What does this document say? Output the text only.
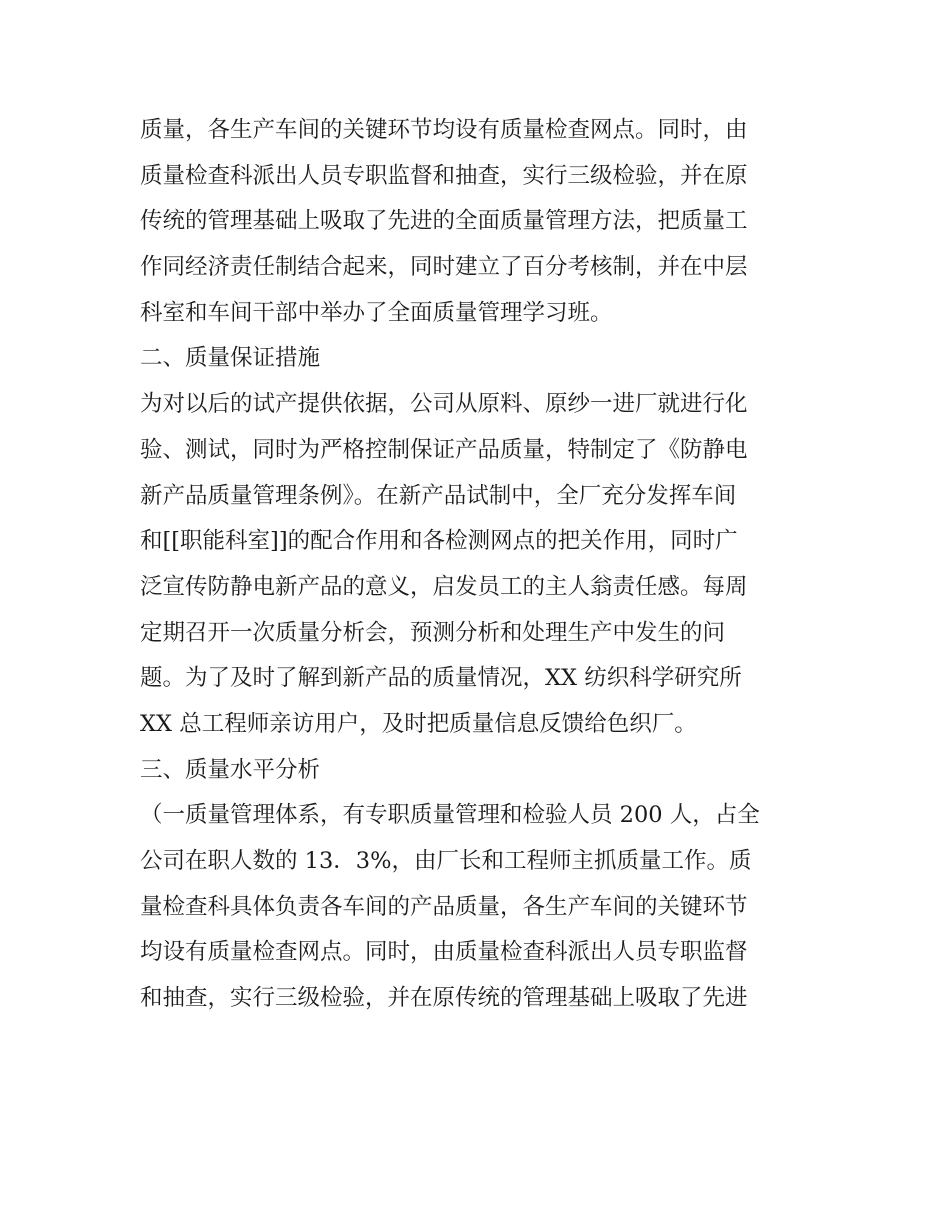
质量，各生产车间的关键环节均设有质量检查网点。同时，由
质量检查科派出人员专职监督和抽查，实行三级检验，并在原
传统的管理基础上吸取了先进的全面质量管理方法，把质量工
作同经济责任制结合起来，同时建立了百分考核制，并在中层
科室和车间干部中举办了全面质量管理学习班。
二、质量保证措施
为对以后的试产提供依据，公司从原料、原纱一进厂就进行化
验、测试，同时为严格控制保证产品质量，特制定了《防静电
新产品质量管理条例》。在新产品试制中，全厂充分发挥车间
和[[职能科室]]的配合作用和各检测网点的把关作用，同时广
泛宣传防静电新产品的意义，启发员工的主人翁责任感。每周
定期召开一次质量分析会，预测分析和处理生产中发生的问
题。为了及时了解到新产品的质量情况，XX 纺织科学研究所
XX 总工程师亲访用户，及时把质量信息反馈给色织厂。
三、质量水平分析
（一质量管理体系，有专职质量管理和检验人员 200 人，占全
公司在职人数的 13．3%，由厂长和工程师主抓质量工作。质
量检查科具体负责各车间的产品质量，各生产车间的关键环节
均设有质量检查网点。同时，由质量检查科派出人员专职监督
和抽查，实行三级检验，并在原传统的管理基础上吸取了先进
